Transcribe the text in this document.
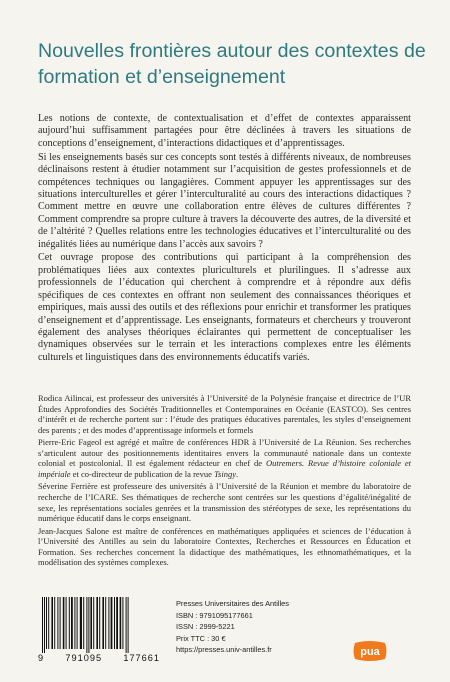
Nouvelles frontières autour des contextes de formation et d’enseignement

Les notions de contexte, de contextualisation et d’effet de contextes apparaissent aujourd’hui suffisamment partagées pour être déclinées à travers les situations de conceptions d’enseignement, d’interactions didactiques et d’apprentissages.

Si les enseignements basés sur ces concepts sont testés à différents niveaux, de nombreuses déclinaisons restent à étudier notamment sur l’acquisition de gestes professionnels et de compétences techniques ou langagières. Comment appuyer les apprentissages sur des situations interculturelles et gérer l’interculturalité au cours des interactions didactiques ? Comment mettre en œuvre une collaboration entre élèves de cultures différentes ? Comment comprendre sa propre culture à travers la découverte des autres, de la diversité et de l’altérité ? Quelles relations entre les technologies éducatives et l’interculturalité ou des inégalités liées au numérique dans l’accès aux savoirs ?

Cet ouvrage propose des contributions qui participant à la compréhension des problématiques liées aux contextes pluriculturels et plurilingues. Il s’adresse aux professionnels de l’éducation qui cherchent à comprendre et à répondre aux défis spécifiques de ces contextes en offrant non seulement des connaissances théoriques et empiriques, mais aussi des outils et des réflexions pour enrichir et transformer les pratiques d’enseignement et d’apprentissage. Les enseignants, formateurs et chercheurs y trouveront également des analyses théoriques éclairantes qui permettent de conceptualiser les dynamiques observées sur le terrain et les interactions complexes entre les éléments culturels et linguistiques dans des environnements éducatifs variés.

Rodica Ailincai, est professeur des universités à l’Université de la Polynésie française et directrice de l’UR Études Approfondies des Sociétés Traditionnelles et Contemporaines en Océanie (EASTCO). Ses centres d’intérêt et de recherche portent sur : l’étude des pratiques éducatives parentales, les styles d’enseignement des parents ; et des modes d’apprentissage informels et formels

Pierre-Eric Fageol est agrégé et maître de conférences HDR à l’Université de La Réunion. Ses recherches s’articulent autour des positionnements identitaires envers la communauté nationale dans un contexte colonial et postcolonial. Il est également rédacteur en chef de Outremers. Revue d’histoire coloniale et impériale et co-directeur de publication de la revue Tsingy.

Séverine Ferrière est professeure des universités à l’Université de la Réunion et membre du laboratoire de recherche de l’ICARE. Ses thématiques de recherche sont centrées sur les questions d’égalité/inégalité de sexe, les représentations sociales genrées et la transmission des stéréotypes de sexe, les représentations du numérique éducatif dans le corps enseignant.

Jean-Jacques Salone est maître de conférences en mathématiques appliquées et sciences de l’éducation à l’Université des Antilles au sein du laboratoire Contextes, Recherches et Ressources en Éducation et Formation. Ses recherches concernent la didactique des mathématiques, les ethnomathématiques, et la modélisation des systèmes complexes.

9 791095 177661
Presses Universitaires des Antilles
ISBN : 9791095177661
ISSN : 2999-5221
Prix TTC : 30 €
https://presses.univ-antilles.fr	pua
